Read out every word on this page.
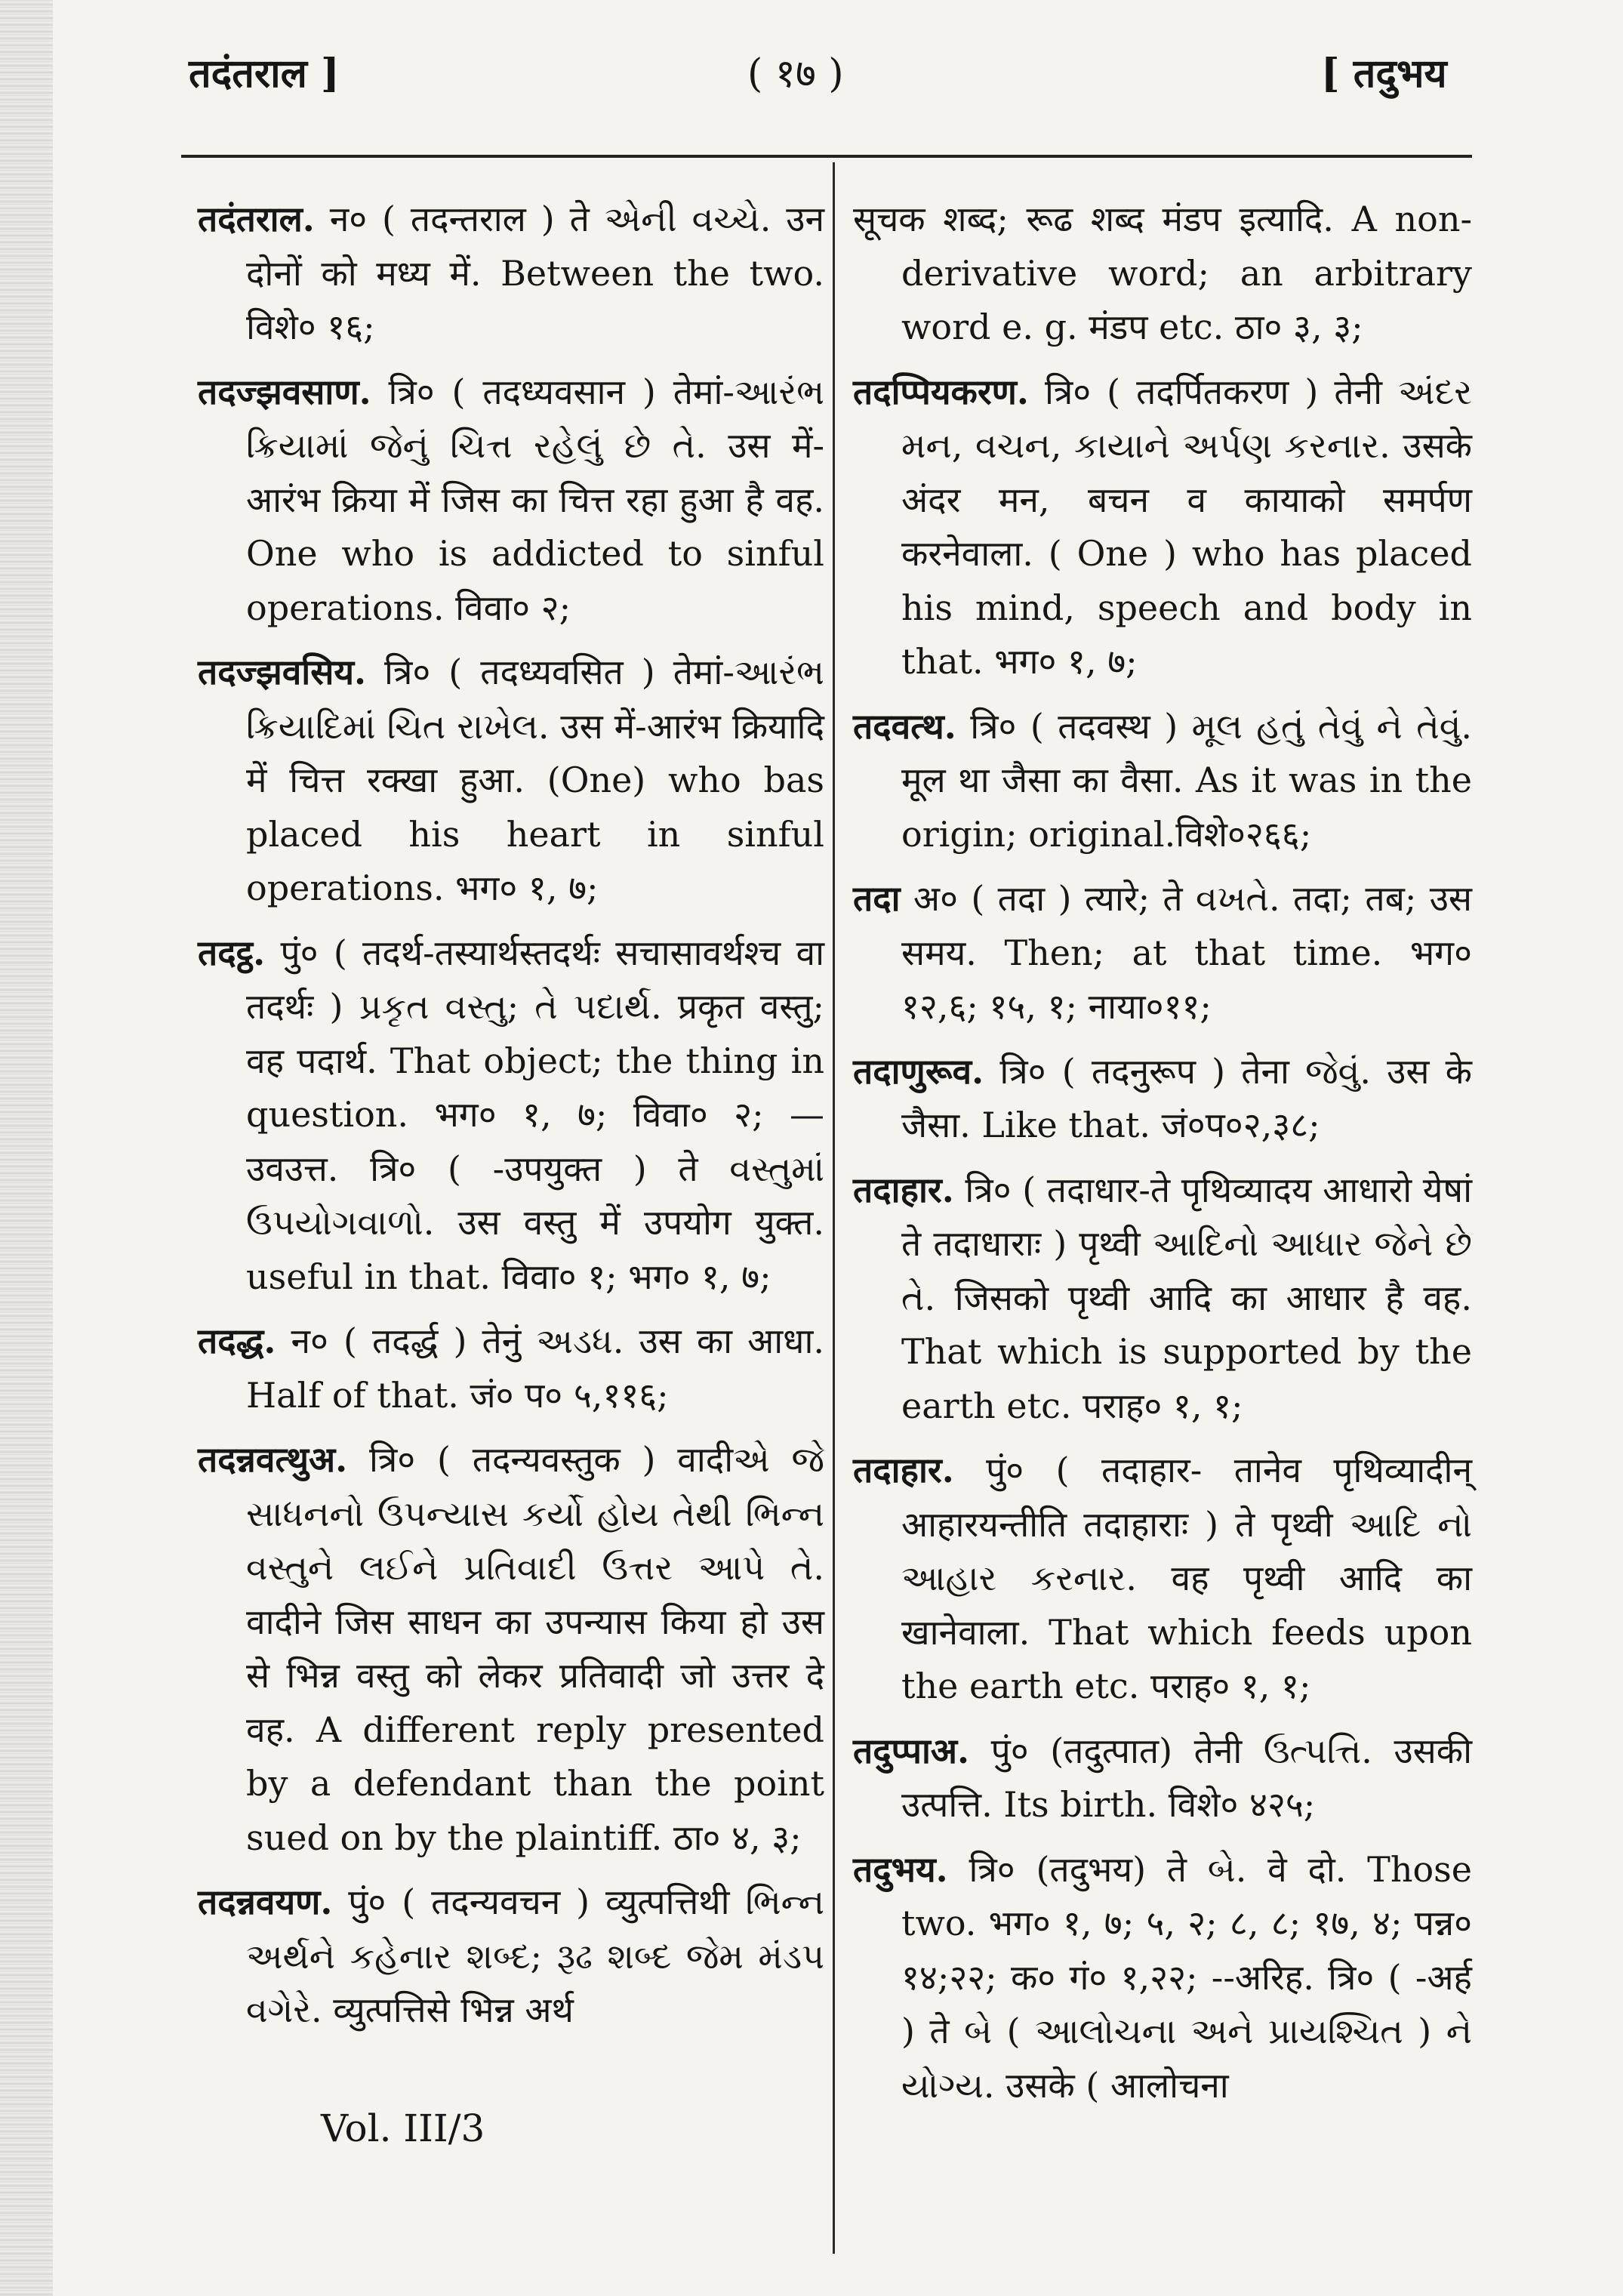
तदंतराल ]	( १७ )	[ तदुभय

तदंतराल. न० ( तदन्तराल ) ते એની વચ્ચે. उन दोनों को मध्य में. Between the two. विशे० १६;

तदज्झवसाण. त्रि० ( तदध्यवसान ) तेमां-આરંભ ક્રિયામાં જેનું ચિત્ત રહેલું છે તે. उस में-आरंभ क्रिया में जिस का चित्त रहा हुआ है वह. One who is addicted to sinful operations. विवा० २;

तदज्झवसिय. त्रि० ( तदध्यवसित ) तेमां-આરંભ ક્રિયાદિમાં ચિત રાખેલ. उस में-आरंभ क्रियादि में चित्त रक्खा हुआ. (One) who bas placed his heart in sinful operations. भग० १, ७;

तदट्ठ. पुं० ( तदर्थ-तस्यार्थस्तदर्थः सचासावर्थश्च वा तदर्थः ) પ્રકૃત વસ્તુ; તે પદાર્થ. प्रकृत वस्तु; वह पदार्थ. That object; the thing in question. भग० १, ७; विवा० २; —उवउत्त. त्रि० ( -उपयुक्त ) ते વસ્તુમાં ઉપયોગવાળો. उस वस्तु में उपयोग युक्त. useful in that. विवा० १; भग० १, ७;

तदद्ध. न० ( तदर्द्ध ) तेनुं અડધ. उस का आधा. Half of that. जं० प० ५,११६;

तदन्नवत्थुअ. त्रि० ( तदन्यवस्तुक ) वादीએ જે સાધનનો ઉપન્યાસ કર્યો હોય તેથી ભિન્ન વસ્તુને લઈને પ્રતિવાદી ઉત્તર આપે તે. वादीने जिस साधन का उपन्यास किया हो उस से भिन्न वस्तु को लेकर प्रतिवादी जो उत्तर दे वह. A different reply presented by a defendant than the point sued on by the plaintiff. ठा० ४, ३;

तदन्नवयण. पुं० ( तदन्यवचन ) व्युत्पत्तिथी ભિન્ન અર્થને કહેનાર શબ્દ; રૂઢ શબ્દ જેમ મંડપ વગેરે. व्युत्पत्तिसे भिन्न अर्थ

सूचक शब्द; रूढ शब्द मंडप इत्यादि. A non-derivative word; an arbitrary word e. g. मंडप etc. ठा० ३, ३;

तदप्पियकरण. त्रि० ( तदर्पितकरण ) तेनी અંદર મન, વચન, કાયાને અર્પણ કરનાર. उसके अंदर मन, बचन व कायाको समर्पण करनेवाला. ( One ) who has placed his mind, speech and body in that. भग० १, ७;

तदवत्थ. त्रि० ( तदवस्थ ) મૂલ હતું તેવું ને તેવું. मूल था जैसा का वैसा. As it was in the origin; original.विशे०२६६;

तदा अ० ( तदा ) त्यारे; ते વખતે. तदा; तब; उस समय. Then; at that time. भग० १२,६; १५, १; नाया०११;

तदाणुरूव. त्रि० ( तदनुरूप ) तेना જેવું. उस के जैसा. Like that. जं०प०२,३८;

तदाहार. त्रि० ( तदाधार-ते पृथिव्यादय आधारो येषां ते तदाधाराः ) पृथ्वी આદિનો આધાર જેને છે તે. जिसको पृथ्वी आदि का आधार है वह. That which is supported by the earth etc. पराह० १, १;

तदाहार. पुं० ( तदाहार- तानेव पृथिव्यादीन् आहारयन्तीति तदाहाराः ) ते पृथ्वी આદિ નો આહાર કરનાર. वह पृथ्वी आदि का खानेवाला. That which feeds upon the earth etc. पराह० १, १;

तदुप्पाअ. पुं० (तदुत्पात) तेनी ઉત્પત્તિ. उसकी उत्पत्ति. Its birth. विशे० ४२५;

तदुभय. त्रि० (तदुभय) ते બે. वे दो. Those two. भग० १, ७; ५, २; ८, ८; १७, ४; पन्न० १४;२२; क० गं० १,२२; --अरिह. त्रि० ( -अर्ह ) ते બે ( આલોચના અને પ્રાયશ્ચિત ) ને યોગ્ય. उसके ( आलोचना

Vol. III/3
